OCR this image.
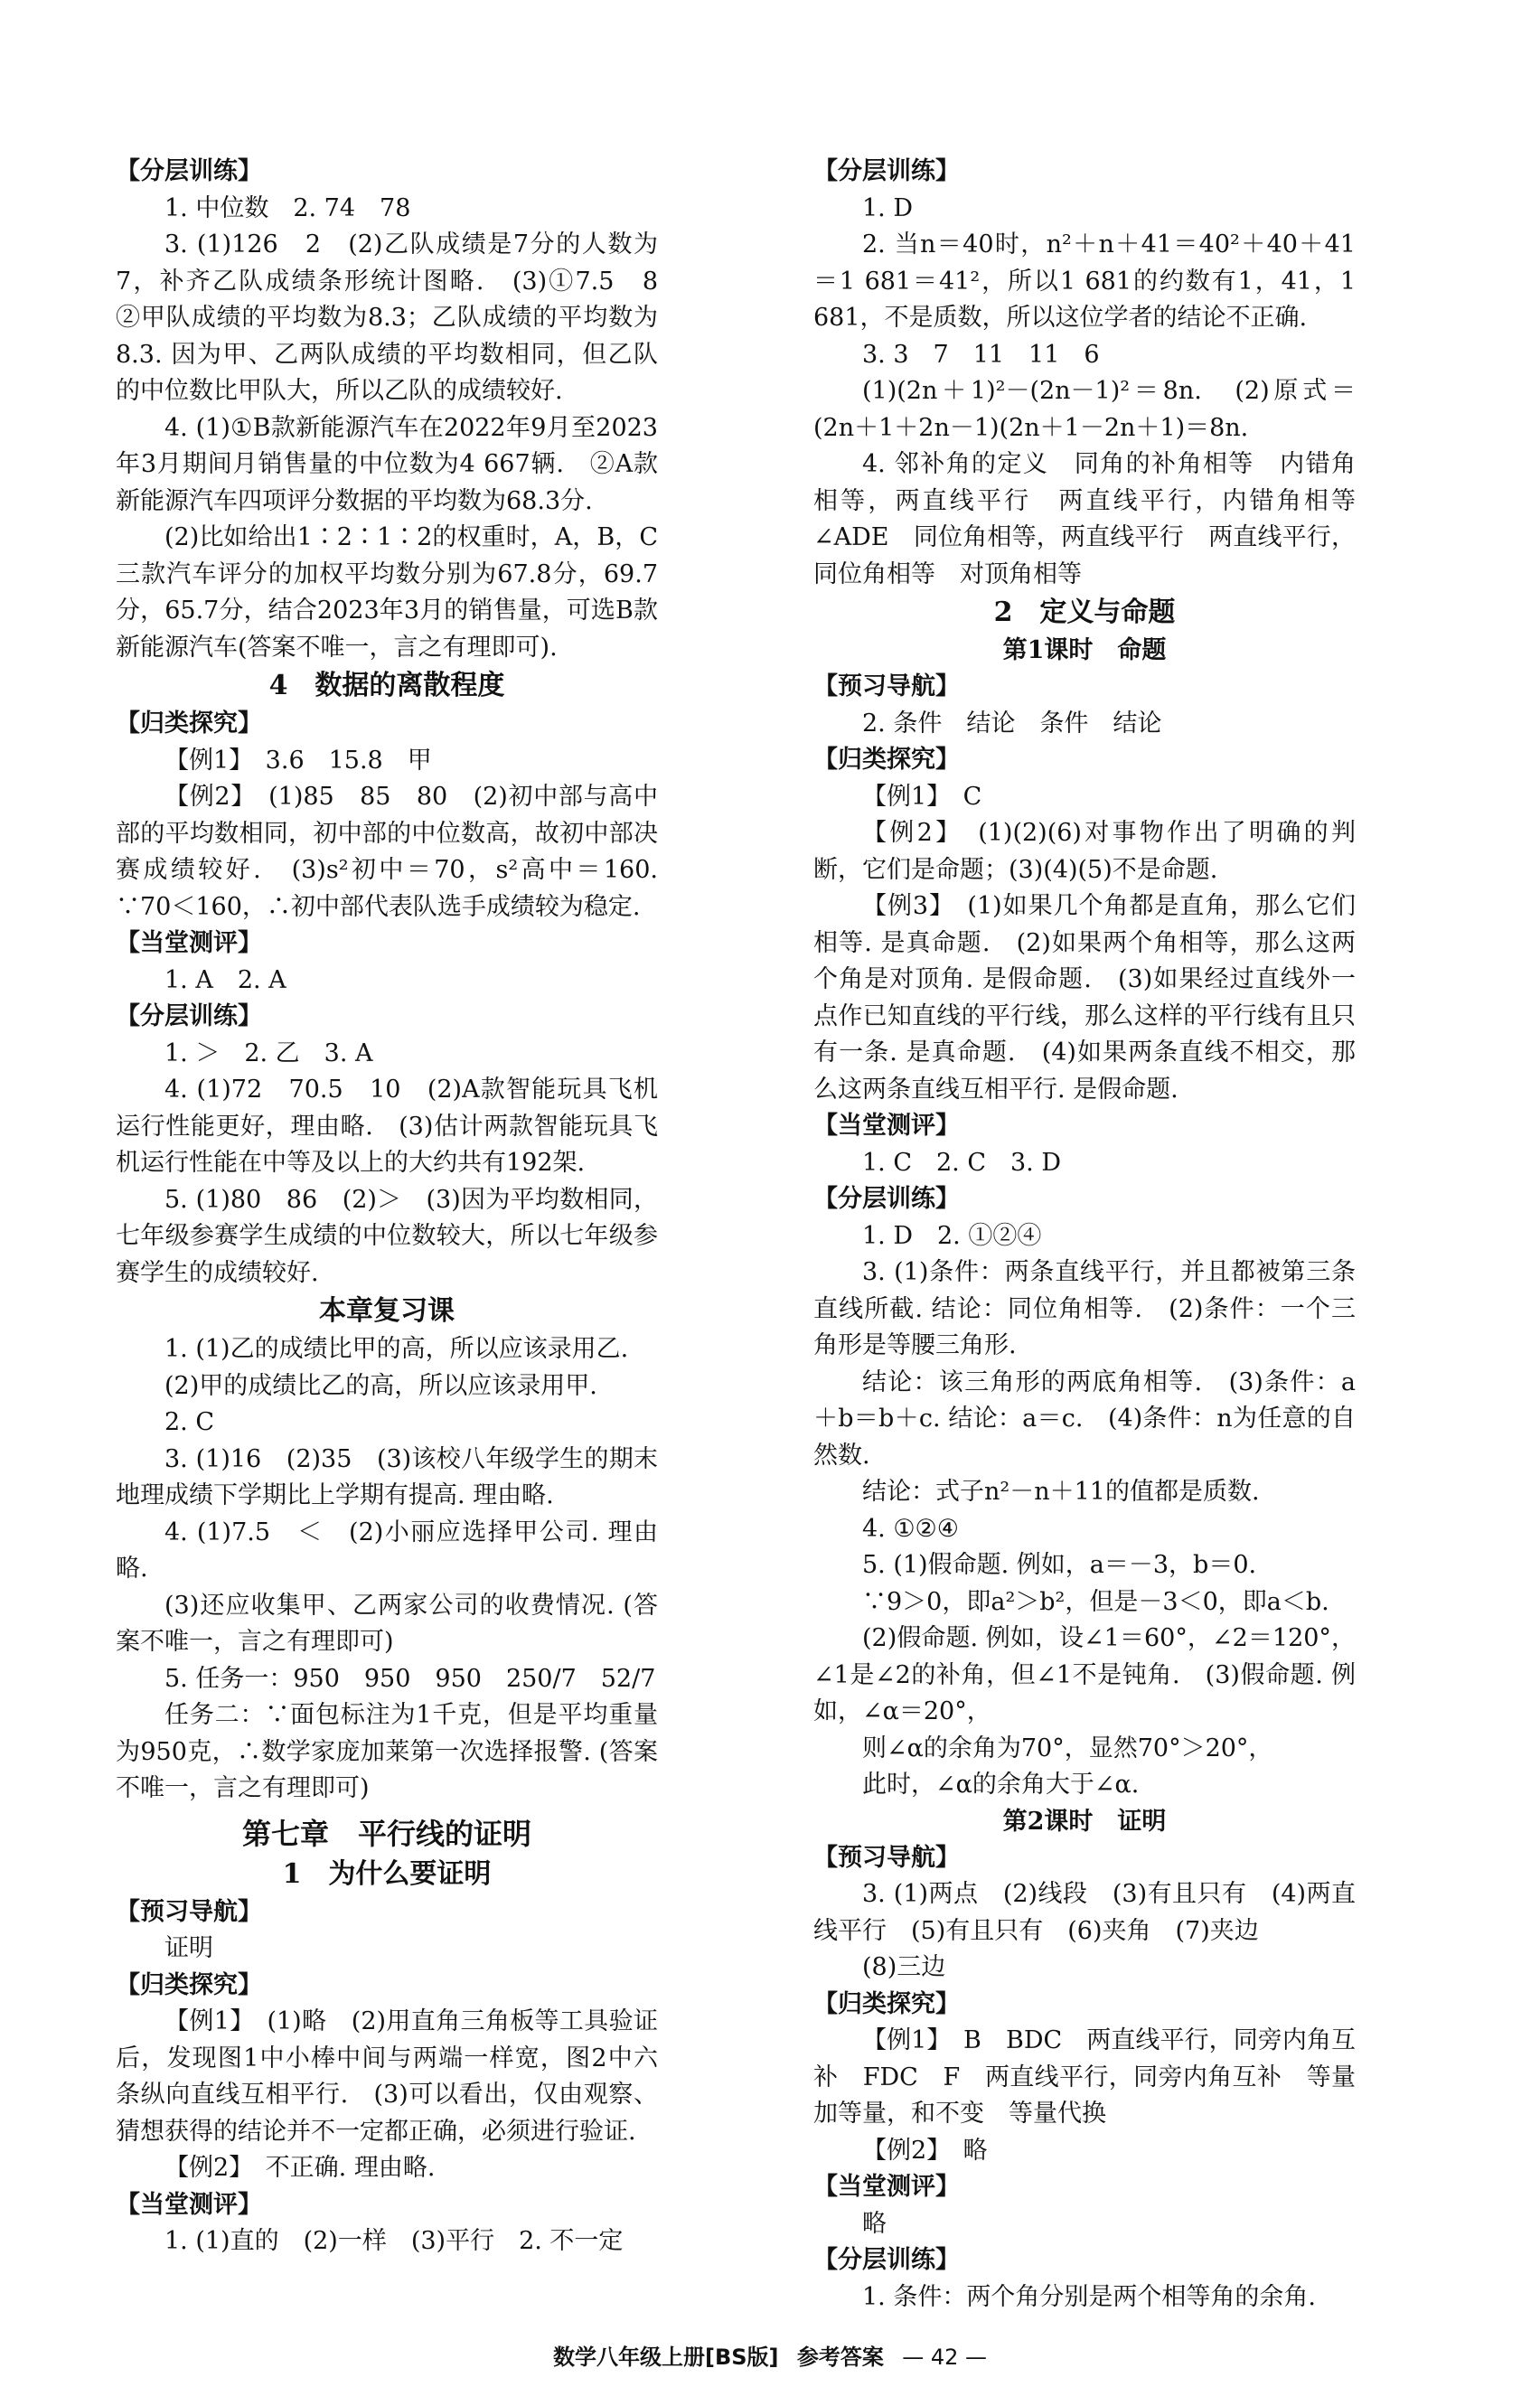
【分层训练】

1. 中位数　2. 74　78

3. (1)126　2　(2)乙队成绩是7分的人数为7，补齐乙队成绩条形统计图略.　(3)①7.5　8　②甲队成绩的平均数为8.3；乙队成绩的平均数为8.3. 因为甲、乙两队成绩的平均数相同，但乙队的中位数比甲队大，所以乙队的成绩较好.

4. (1)①B款新能源汽车在2022年9月至2023年3月期间月销售量的中位数为4 667辆.　②A款新能源汽车四项评分数据的平均数为68.3分.

(2)比如给出1∶2∶1∶2的权重时，A，B，C三款汽车评分的加权平均数分别为67.8分，69.7分，65.7分，结合2023年3月的销售量，可选B款新能源汽车(答案不唯一，言之有理即可).

4　数据的离散程度

【归类探究】

【例1】　3.6　15.8　甲

【例2】　(1)85　85　80　(2)初中部与高中部的平均数相同，初中部的中位数高，故初中部决赛成绩较好.　(3)s²初中＝70，s²高中＝160. ∵70＜160，∴初中部代表队选手成绩较为稳定.

【当堂测评】

1. A　2. A

【分层训练】

1. ＞　2. 乙　3. A

4. (1)72　70.5　10　(2)A款智能玩具飞机运行性能更好，理由略.　(3)估计两款智能玩具飞机运行性能在中等及以上的大约共有192架.

5. (1)80　86　(2)＞　(3)因为平均数相同，七年级参赛学生成绩的中位数较大，所以七年级参赛学生的成绩较好.

本章复习课

1. (1)乙的成绩比甲的高，所以应该录用乙.

(2)甲的成绩比乙的高，所以应该录用甲.

2. C

3. (1)16　(2)35　(3)该校八年级学生的期末地理成绩下学期比上学期有提高. 理由略.

4. (1)7.5　＜　(2)小丽应选择甲公司. 理由略.

(3)还应收集甲、乙两家公司的收费情况. (答案不唯一，言之有理即可)

5. 任务一：950　950　950　250/7　52/7

任务二：∵面包标注为1千克，但是平均重量为950克，∴数学家庞加莱第一次选择报警. (答案不唯一，言之有理即可)

第七章　平行线的证明

1　为什么要证明

【预习导航】

证明

【归类探究】

【例1】　(1)略　(2)用直角三角板等工具验证后，发现图1中小棒中间与两端一样宽，图2中六条纵向直线互相平行.　(3)可以看出，仅由观察、猜想获得的结论并不一定都正确，必须进行验证.

【例2】　不正确. 理由略.

【当堂测评】

1. (1)直的　(2)一样　(3)平行　2. 不一定

【分层训练】

1. D

2. 当n＝40时，n²＋n＋41＝40²＋40＋41＝1 681＝41²，所以1 681的约数有1，41，1 681，不是质数，所以这位学者的结论不正确.

3. 3　7　11　11　6

(1)(2n＋1)²－(2n－1)²＝8n.　(2)原式＝(2n＋1＋2n－1)(2n＋1－2n＋1)＝8n.

4. 邻补角的定义　同角的补角相等　内错角相等，两直线平行　两直线平行，内错角相等　∠ADE　同位角相等，两直线平行　两直线平行，同位角相等　对顶角相等

2　定义与命题

第1课时　命题

【预习导航】

2. 条件　结论　条件　结论

【归类探究】

【例1】　C

【例2】　(1)(2)(6)对事物作出了明确的判断，它们是命题；(3)(4)(5)不是命题.

【例3】　(1)如果几个角都是直角，那么它们相等. 是真命题.　(2)如果两个角相等，那么这两个角是对顶角. 是假命题.　(3)如果经过直线外一点作已知直线的平行线，那么这样的平行线有且只有一条. 是真命题.　(4)如果两条直线不相交，那么这两条直线互相平行. 是假命题.

【当堂测评】

1. C　2. C　3. D

【分层训练】

1. D　2. ①②④

3. (1)条件：两条直线平行，并且都被第三条直线所截. 结论：同位角相等.　(2)条件：一个三角形是等腰三角形.

结论：该三角形的两底角相等.　(3)条件：a＋b＝b＋c. 结论：a＝c.　(4)条件：n为任意的自然数.

结论：式子n²－n＋11的值都是质数.

4. ①②④

5. (1)假命题. 例如，a＝－3，b＝0.

∵9＞0，即a²＞b²，但是－3＜0，即a＜b.

(2)假命题. 例如，设∠1＝60°，∠2＝120°，∠1是∠2的补角，但∠1不是钝角.　(3)假命题. 例如，∠α＝20°，

则∠α的余角为70°，显然70°＞20°，

此时，∠α的余角大于∠α.

第2课时　证明

【预习导航】

3. (1)两点　(2)线段　(3)有且只有　(4)两直线平行　(5)有且只有　(6)夹角　(7)夹边

(8)三边

【归类探究】

【例1】　B　BDC　两直线平行，同旁内角互补　FDC　F　两直线平行，同旁内角互补　等量加等量，和不变　等量代换

【例2】　略

【当堂测评】

略

【分层训练】

1. 条件：两个角分别是两个相等角的余角.

数学八年级上册[BS版] 参考答案 — 42 —
